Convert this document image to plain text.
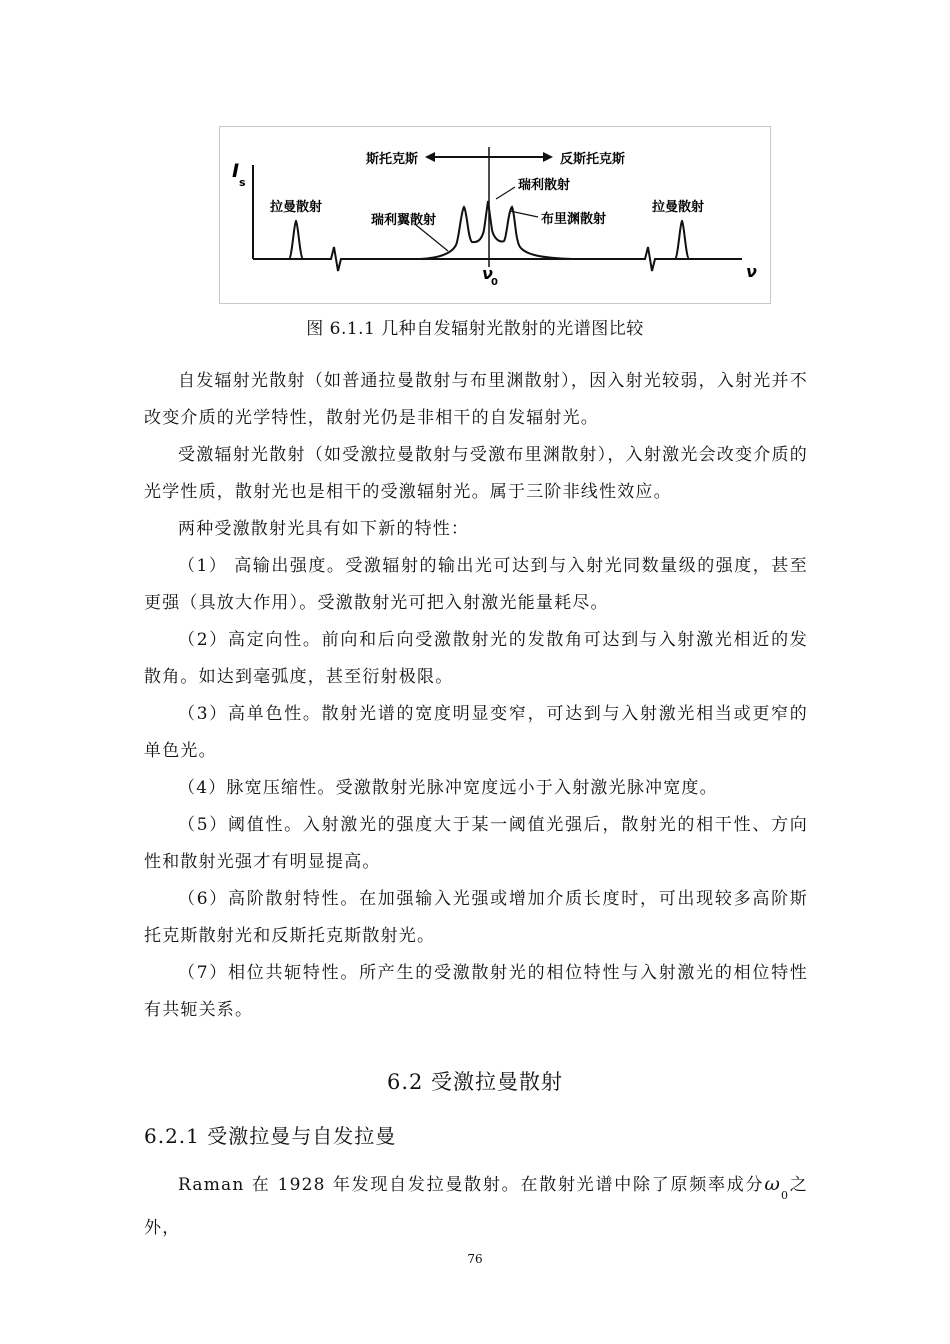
I
s
ν
ν
0
斯托克斯	反斯托克斯
拉曼散射	拉曼散射
瑞利散射
瑞利翼散射	布里渊散射
图 6.1.1 几种自发辐射光散射的光谱图比较

自发辐射光散射（如普通拉曼散射与布里渊散射），因入射光较弱，入射光并不改变介质的光学特性，散射光仍是非相干的自发辐射光。

受激辐射光散射（如受激拉曼散射与受激布里渊散射），入射激光会改变介质的光学性质，散射光也是相干的受激辐射光。属于三阶非线性效应。

两种受激散射光具有如下新的特性：

（1） 高输出强度。受激辐射的输出光可达到与入射光同数量级的强度，甚至更强（具放大作用）。受激散射光可把入射激光能量耗尽。

（2）高定向性。前向和后向受激散射光的发散角可达到与入射激光相近的发散角。如达到毫弧度，甚至衍射极限。

（3）高单色性。散射光谱的宽度明显变窄，可达到与入射激光相当或更窄的单色光。

（4）脉宽压缩性。受激散射光脉冲宽度远小于入射激光脉冲宽度。

（5）阈值性。入射激光的强度大于某一阈值光强后，散射光的相干性、方向性和散射光强才有明显提高。

（6）高阶散射特性。在加强输入光强或增加介质长度时，可出现较多高阶斯托克斯散射光和反斯托克斯散射光。

（7）相位共轭特性。所产生的受激散射光的相位特性与入射激光的相位特性有共轭关系。

6.2 受激拉曼散射
6.2.1 受激拉曼与自发拉曼

Raman 在 1928 年发现自发拉曼散射。在散射光谱中除了原频率成分$\omega_0$之外，

76
